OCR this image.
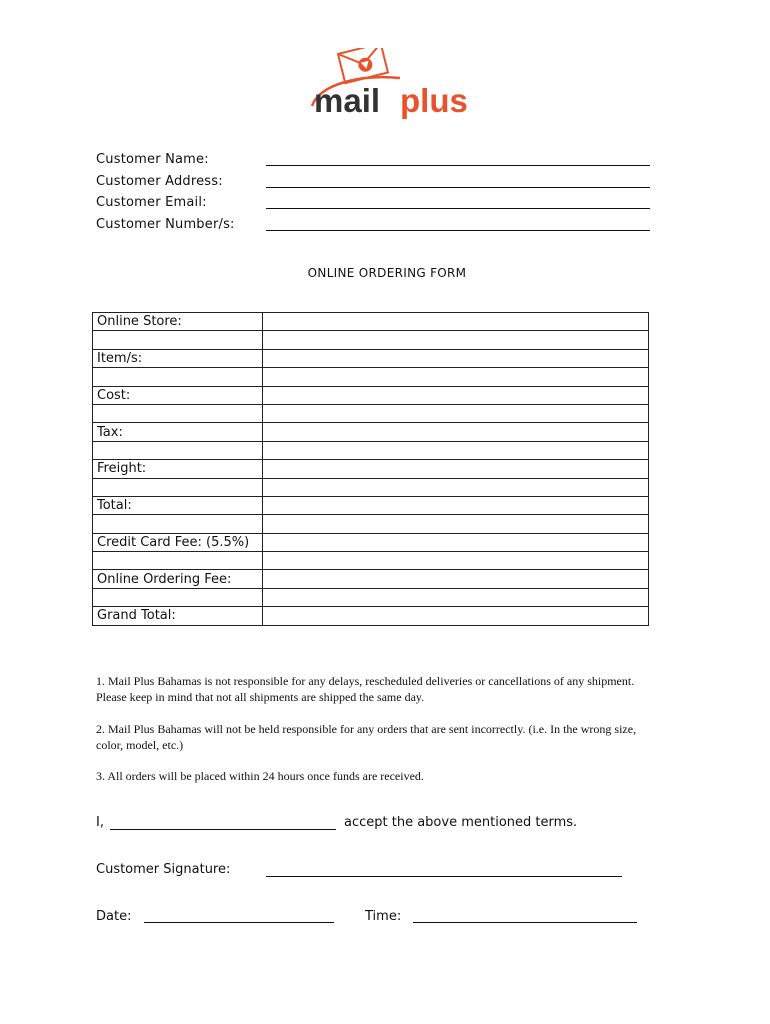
mail plus
Customer Name:
Customer Address:
Customer Email:
Customer Number/s:
ONLINE ORDERING FORM
Online Store:	

Item/s:	

Cost:	

Tax:	

Freight:	

Total:	

Credit Card Fee: (5.5%)	

Online Ordering Fee:	

Grand Total:	
1. Mail Plus Bahamas is not responsible for any delays, rescheduled deliveries or cancellations of any shipment. Please keep in mind that not all shipments are shipped the same day.
2. Mail Plus Bahamas will not be held responsible for any orders that are sent incorrectly. (i.e. In the wrong size, color, model, etc.)
3. All orders will be placed within 24 hours once funds are received.
I,	accept the above mentioned terms.
Customer Signature:
Date:	Time:
